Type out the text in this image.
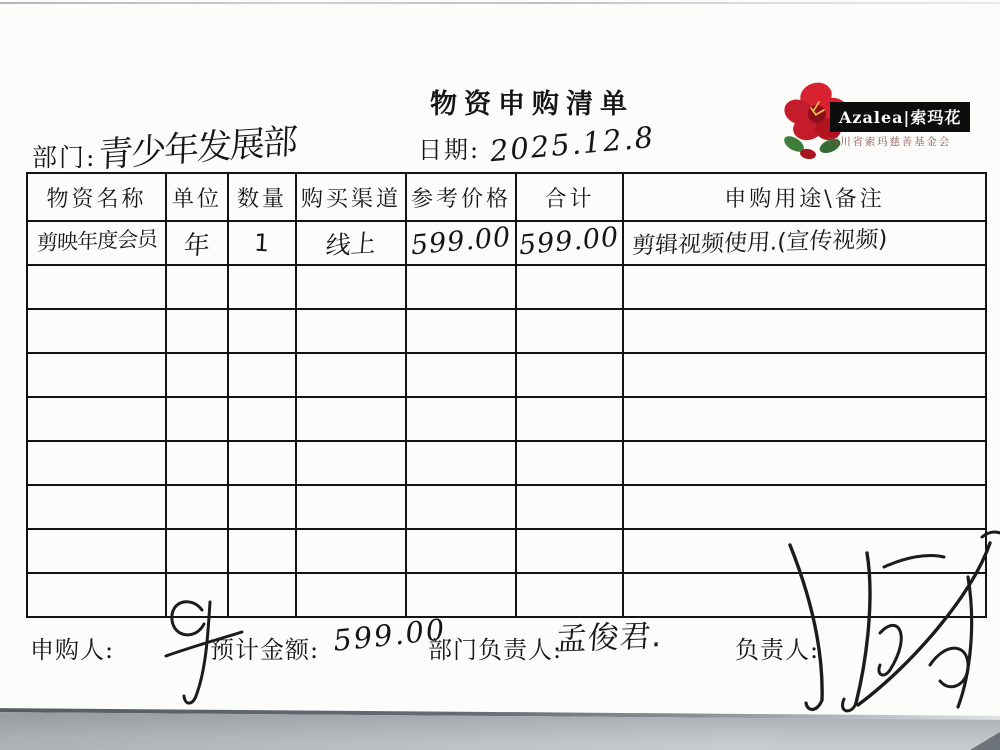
物资申购清单
部门:青少年发展部	日期: 2025.12.8
Azalea|索玛花
四川省索玛慈善基金会
物资名称	单位	数量	购买渠道	参考价格	合计	申购用途\备注
剪映年度会员	年	1	线上	599.00	599.00	剪辑视频使用.(宣传视频)

申购人:	预计金额: 599.00
部门负责人:
孟俊君.	负责人:
